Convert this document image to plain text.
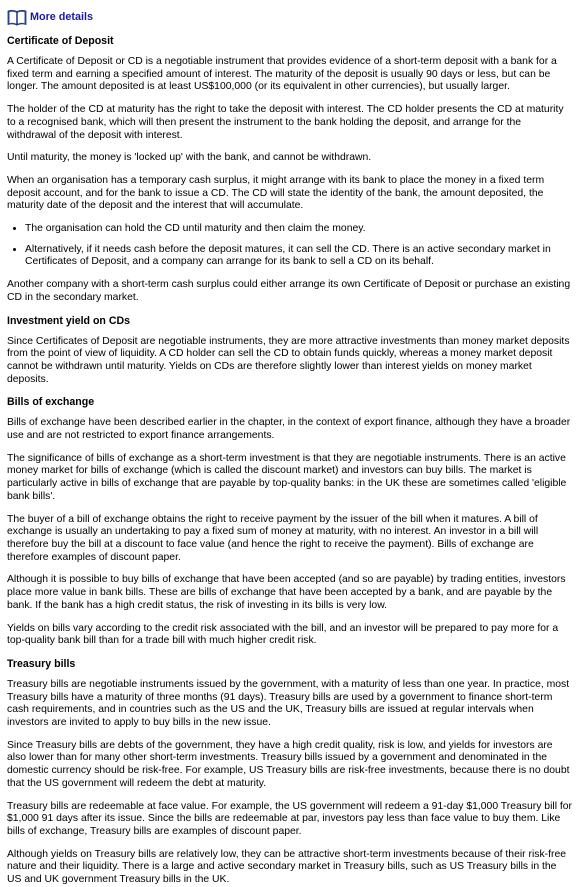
More details
Certificate of Deposit

A Certificate of Deposit or CD is a negotiable instrument that provides evidence of a short-term deposit with a bank for a fixed term and earning a specified amount of interest. The maturity of the deposit is usually 90 days or less, but can be longer. The amount deposited is at least US$100,000 (or its equivalent in other currencies), but usually larger.

The holder of the CD at maturity has the right to take the deposit with interest. The CD holder presents the CD at maturity to a recognised bank, which will then present the instrument to the bank holding the deposit, and arrange for the withdrawal of the deposit with interest.

Until maturity, the money is 'locked up' with the bank, and cannot be withdrawn.

When an organisation has a temporary cash surplus, it might arrange with its bank to place the money in a fixed term deposit account, and for the bank to issue a CD. The CD will state the identity of the bank, the amount deposited, the maturity date of the deposit and the interest that will accumulate.

• The organisation can hold the CD until maturity and then claim the money.
• Alternatively, if it needs cash before the deposit matures, it can sell the CD. There is an active secondary market in Certificates of Deposit, and a company can arrange for its bank to sell a CD on its behalf.

Another company with a short-term cash surplus could either arrange its own Certificate of Deposit or purchase an existing CD in the secondary market.

Investment yield on CDs

Since Certificates of Deposit are negotiable instruments, they are more attractive investments than money market deposits from the point of view of liquidity. A CD holder can sell the CD to obtain funds quickly, whereas a money market deposit cannot be withdrawn until maturity. Yields on CDs are therefore slightly lower than interest yields on money market deposits.

Bills of exchange

Bills of exchange have been described earlier in the chapter, in the context of export finance, although they have a broader use and are not restricted to export finance arrangements.

The significance of bills of exchange as a short-term investment is that they are negotiable instruments. There is an active money market for bills of exchange (which is called the discount market) and investors can buy bills. The market is particularly active in bills of exchange that are payable by top-quality banks: in the UK these are sometimes called 'eligible bank bills'.

The buyer of a bill of exchange obtains the right to receive payment by the issuer of the bill when it matures. A bill of exchange is usually an undertaking to pay a fixed sum of money at maturity, with no interest. An investor in a bill will therefore buy the bill at a discount to face value (and hence the right to receive the payment). Bills of exchange are therefore examples of discount paper.

Although it is possible to buy bills of exchange that have been accepted (and so are payable) by trading entities, investors place more value in bank bills. These are bills of exchange that have been accepted by a bank, and are payable by the bank. If the bank has a high credit status, the risk of investing in its bills is very low.

Yields on bills vary according to the credit risk associated with the bill, and an investor will be prepared to pay more for a top-quality bank bill than for a trade bill with much higher credit risk.

Treasury bills

Treasury bills are negotiable instruments issued by the government, with a maturity of less than one year. In practice, most Treasury bills have a maturity of three months (91 days). Treasury bills are used by a government to finance short-term cash requirements, and in countries such as the US and the UK, Treasury bills are issued at regular intervals when investors are invited to apply to buy bills in the new issue.

Since Treasury bills are debts of the government, they have a high credit quality, risk is low, and yields for investors are also lower than for many other short-term investments. Treasury bills issued by a government and denominated in the domestic currency should be risk-free. For example, US Treasury bills are risk-free investments, because there is no doubt that the US government will redeem the debt at maturity.

Treasury bills are redeemable at face value. For example, the US government will redeem a 91-day $1,000 Treasury bill for $1,000 91 days after its issue. Since the bills are redeemable at par, investors pay less than face value to buy them. Like bills of exchange, Treasury bills are examples of discount paper.

Although yields on Treasury bills are relatively low, they can be attractive short-term investments because of their risk-free nature and their liquidity. There is a large and active secondary market in Treasury bills, such as US Treasury bills in the US and UK government Treasury bills in the UK.
